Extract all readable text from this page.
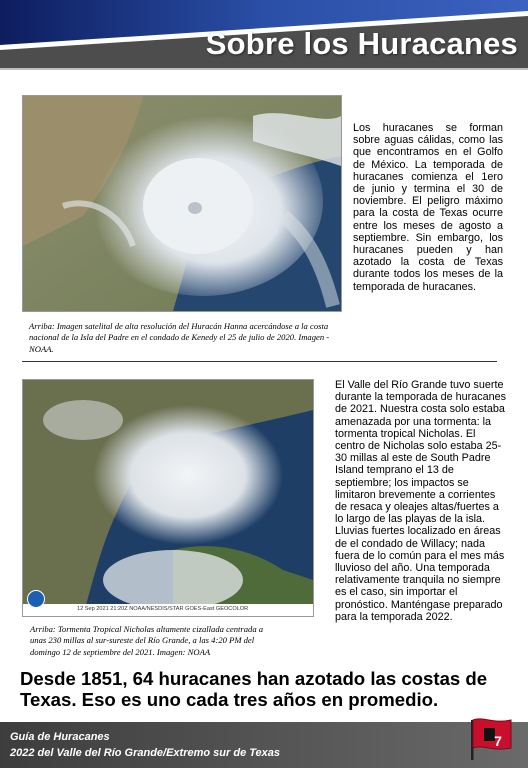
Sobre los Huracanes
Los huracanes se forman sobre aguas cálidas, como las que encontramos en el Golfo de México. La temporada de huracanes comienza el 1ero de junio y termina el 30 de noviembre. El peligro máximo para la costa de Texas ocurre entre los meses de agosto a septiembre. Sin embargo, los huracanes pueden y han azotado la costa de Texas durante todos los meses de la temporada de huracanes.
Arriba: Imagen satelital de alta resolución del Huracán Hanna acercándose a la costa nacional de la Isla del Padre en el condado de Kenedy el 25 de julio de 2020. Imagen - NOAA.
12 Sep 2021 21:20Z NOAA/NESDIS/STAR GOES-East GEOCOLOR
El Valle del Río Grande tuvo suerte durante la temporada de huracanes de 2021. Nuestra costa solo estaba amenazada por una tormenta: la tormenta tropical Nicholas. El centro de Nicholas solo estaba 25-30 millas al este de South Padre Island temprano el 13 de septiembre; los impactos se limitaron brevemente a corrientes de resaca y oleajes altas/fuertes a lo largo de las playas de la isla. Lluvias fuertes localizado en áreas de el condado de Willacy; nada fuera de lo común para el mes más lluvioso del año. Una temporada relativamente tranquila no siempre es el caso, sin importar el pronóstico. Manténgase preparado para la temporada 2022.
Arriba: Tormenta Tropical Nicholas altamente cizallada centrada a unas 230 millas al sur-sureste del Río Grande, a las 4:20 PM del domingo 12 de septiembre del 2021. Imagen: NOAA
Desde 1851, 64 huracanes han azotado las costas de Texas. Eso es uno cada tres años en promedio.
Guía de Huracanes
2022 del Valle del Río Grande/Extremo sur de Texas
7
